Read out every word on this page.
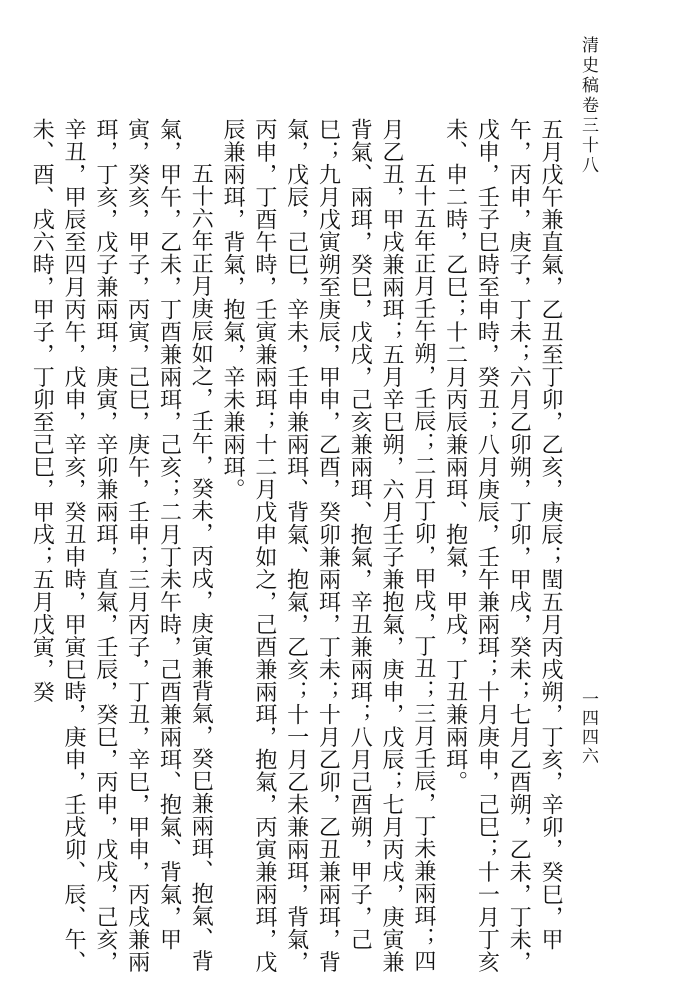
清史稿卷三十八
一四四六

五月戊午兼直氣，乙丑至丁卯，乙亥，庚辰；閏五月丙戌朔，丁亥，辛卯，癸巳，甲午，丙申，庚子，丁未；六月乙卯朔，丁卯，甲戌，癸未；七月乙酉朔，乙未，丁未，戊申，壬子巳時至申時，癸丑；八月庚辰，壬午兼兩珥；十月庚申，己巳；十一月丁亥未、申二時，乙巳；十二月丙辰兼兩珥、抱氣，甲戌，丁丑兼兩珥。

五十五年正月壬午朔，壬辰；二月丁卯，甲戌，丁丑；三月壬辰，丁未兼兩珥；四月乙丑，甲戌兼兩珥；五月辛巳朔，六月壬子兼抱氣，庚申，戊辰；七月丙戌，庚寅兼背氣、兩珥，癸巳，戊戌，己亥兼兩珥、抱氣，辛丑兼兩珥；八月己酉朔，甲子，己巳；九月戊寅朔至庚辰，甲申，乙酉，癸卯兼兩珥，丁未；十月乙卯，乙丑兼兩珥，背氣，戊辰，己巳，辛未，壬申兼兩珥、背氣、抱氣，乙亥；十一月乙未兼兩珥，背氣，丙申，丁酉午時，壬寅兼兩珥；十二月戊申如之，己酉兼兩珥，抱氣，丙寅兼兩珥，戊辰兼兩珥，背氣，抱氣，辛未兼兩珥。

五十六年正月庚辰如之，壬午，癸未，丙戌，庚寅兼背氣，癸巳兼兩珥、抱氣、背氣，甲午，乙未，丁酉兼兩珥，己亥；二月丁未午時，己酉兼兩珥、抱氣、背氣，甲寅，癸亥，甲子，丙寅，己巳，庚午，壬申；三月丙子，丁丑，辛巳，甲申，丙戌兼兩珥，丁亥，戊子兼兩珥，庚寅，辛卯兼兩珥，直氣，壬辰，癸巳，丙申，戊戌，己亥，辛丑，甲辰至四月丙午，戊申，辛亥，癸丑申時，甲寅巳時，庚申，壬戌卯、辰、午、未、酉、戌六時，甲子，丁卯至己巳，甲戌；五月戊寅，癸
